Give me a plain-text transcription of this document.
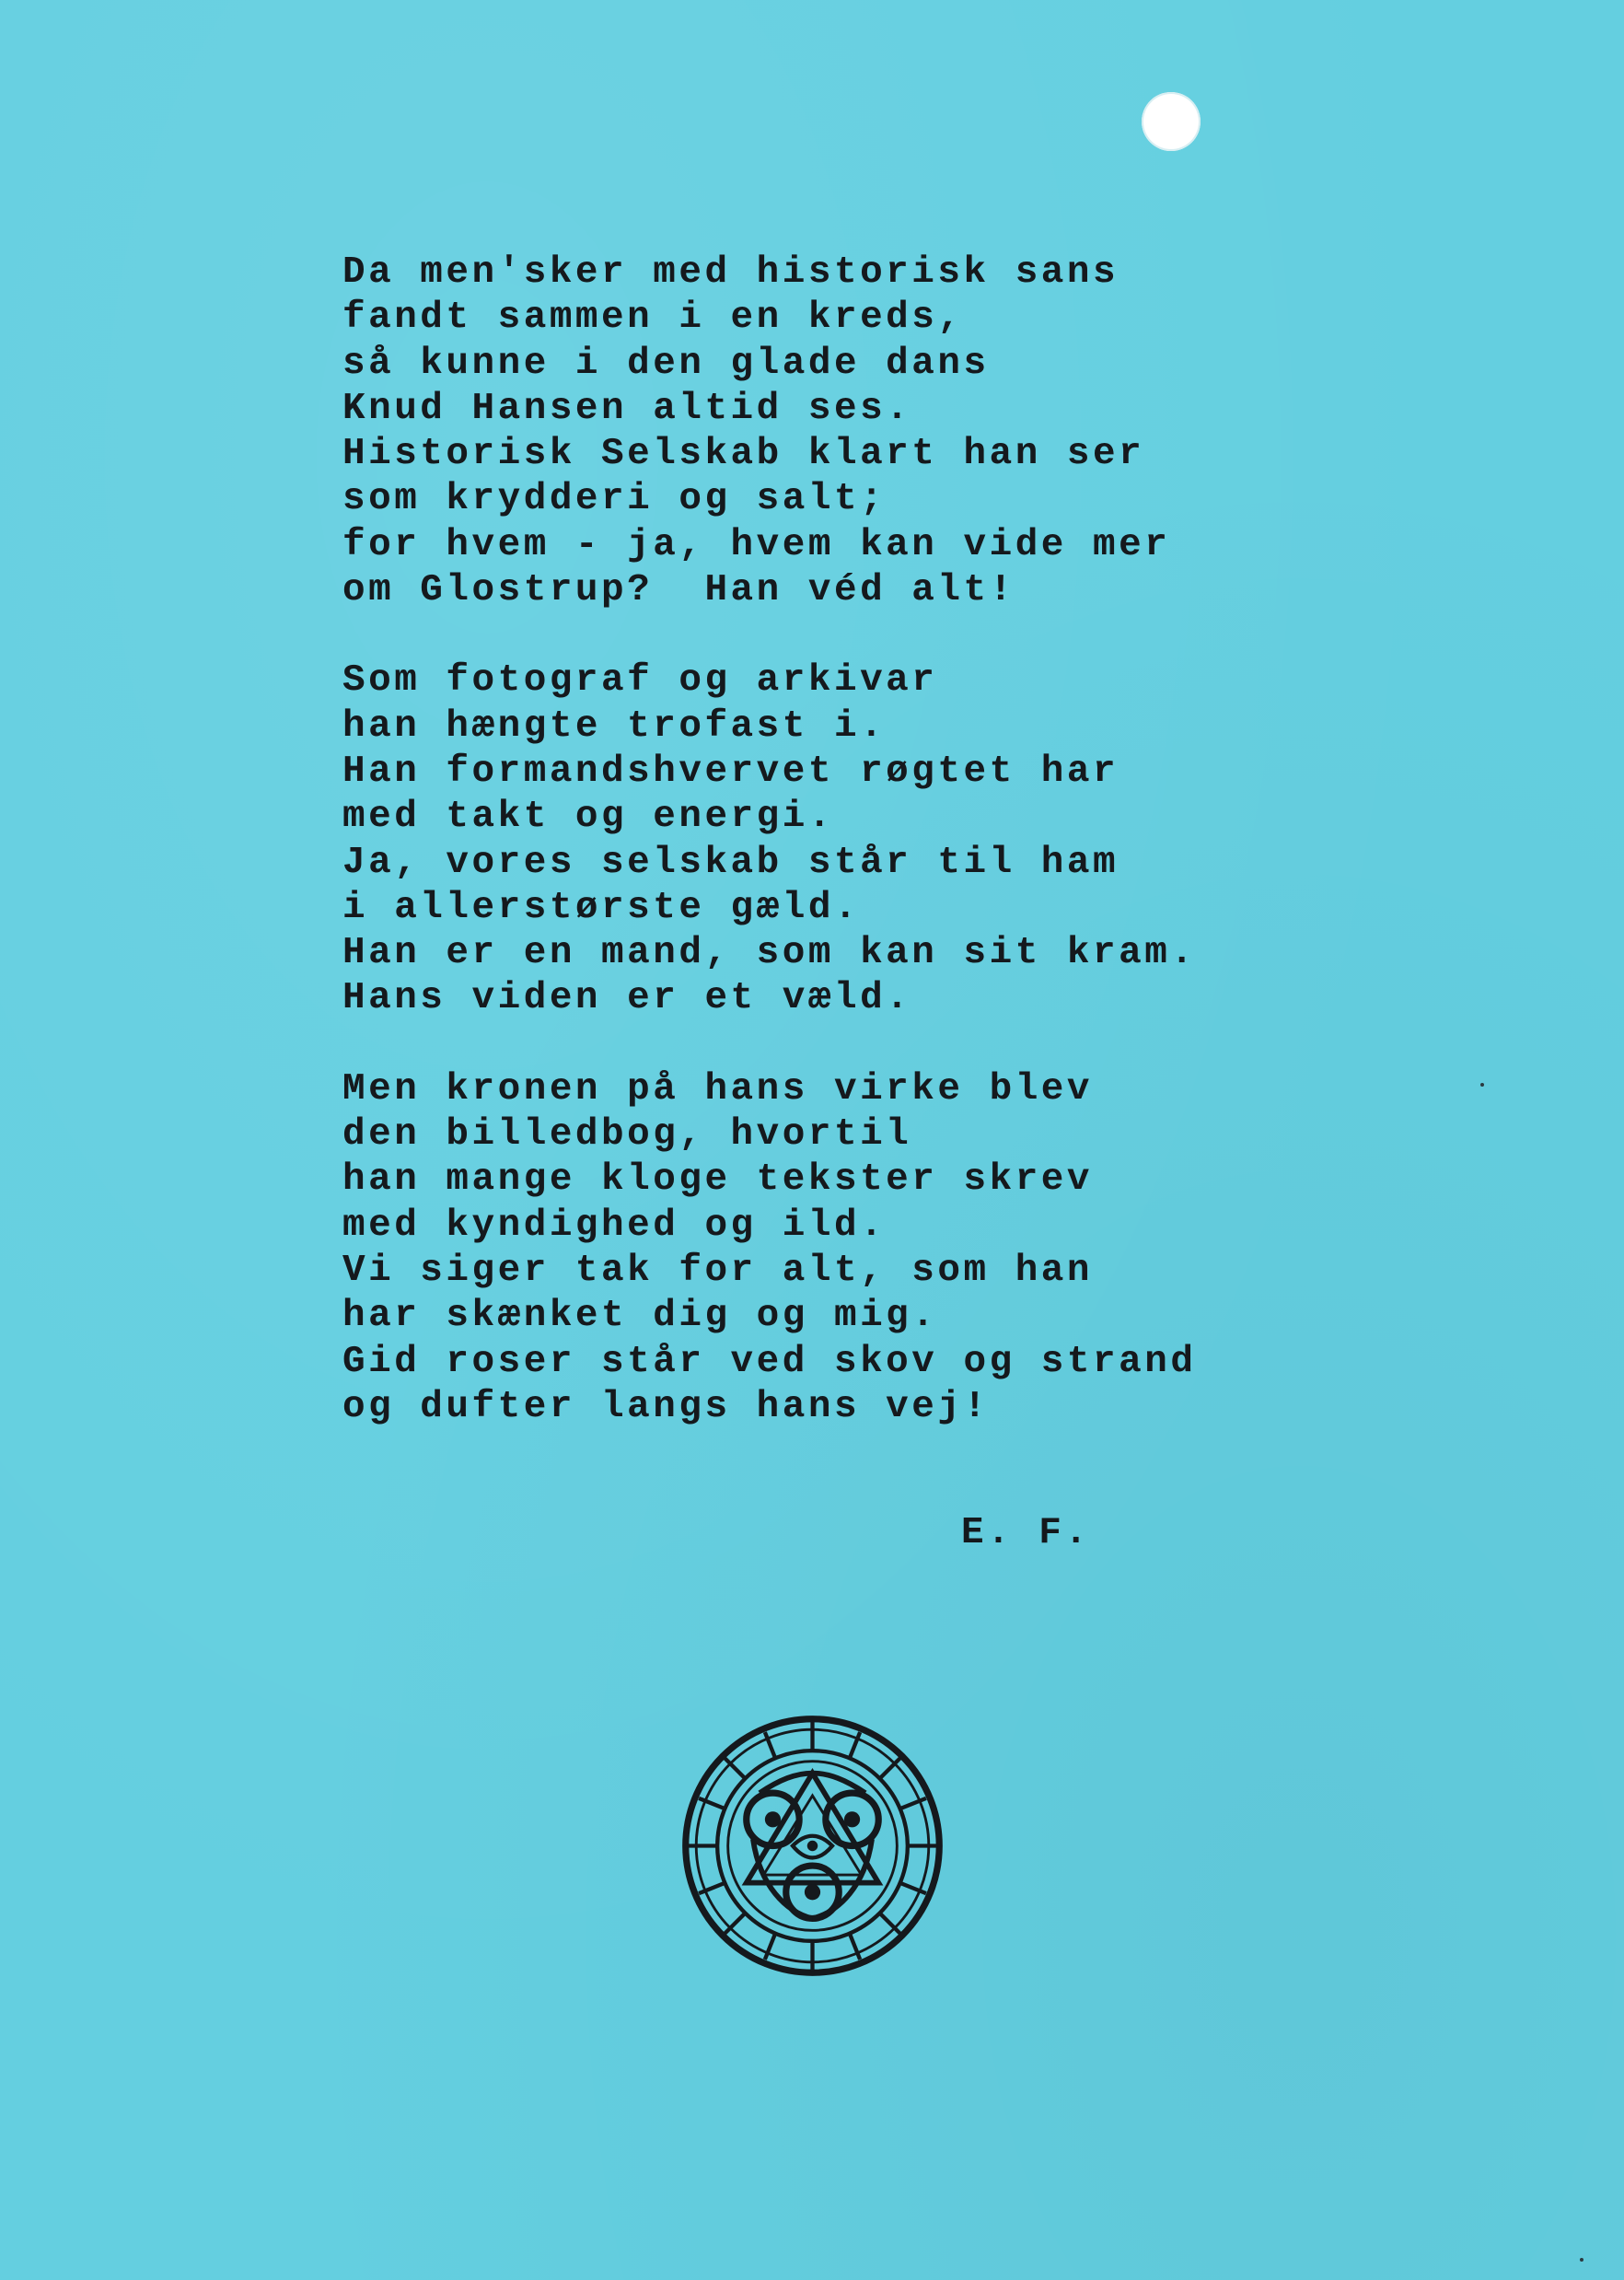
Da men'sker med historisk sans
fandt sammen i en kreds,
så kunne i den glade dans
Knud Hansen altid ses.
Historisk Selskab klart han ser
som krydderi og salt;
for hvem - ja, hvem kan vide mer
om Glostrup?  Han véd alt!
Som fotograf og arkivar
han hængte trofast i.
Han formandshvervet røgtet har
med takt og energi.
Ja, vores selskab står til ham
i allerstørste gæld.
Han er en mand, som kan sit kram.
Hans viden er et væld.
Men kronen på hans virke blev
den billedbog, hvortil
han mange kloge tekster skrev
med kyndighed og ild.
Vi siger tak for alt, som han
har skænket dig og mig.
Gid roser står ved skov og strand
og dufter langs hans vej!
E. F.
